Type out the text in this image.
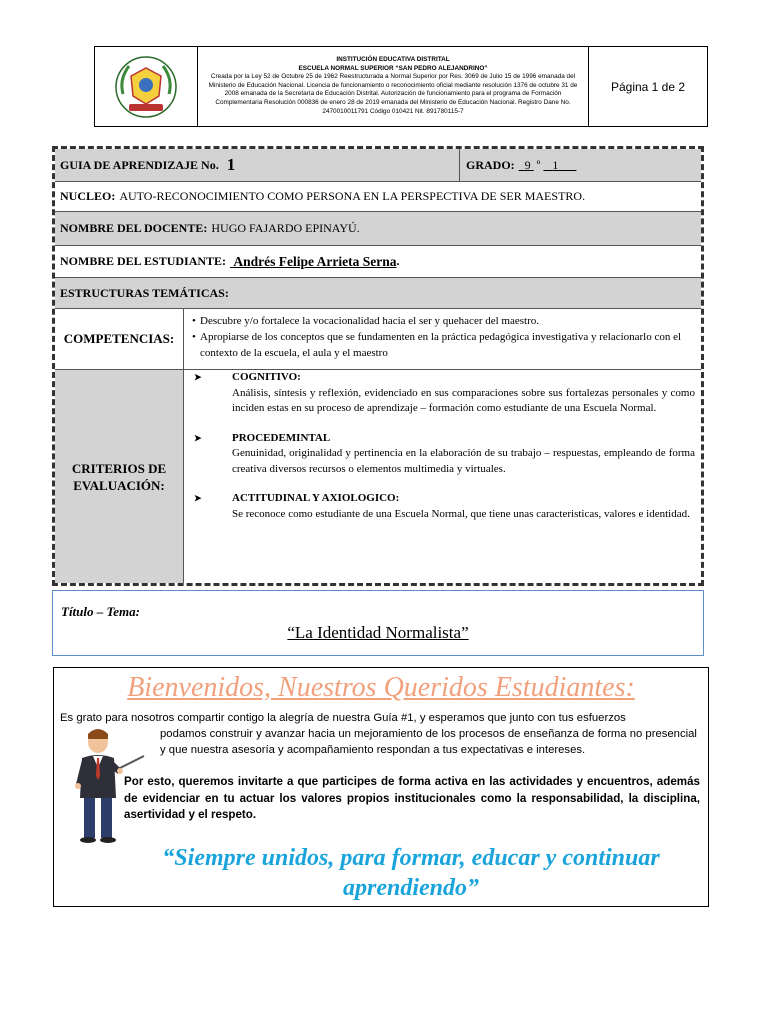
INSTITUCIÓN EDUCATIVA DISTRITAL
ESCUELA NORMAL SUPERIOR “SAN PEDRO ALEJANDRINO”
Creada por la Ley 52 de Octubre 25 de 1962 Reestructurada a Normal Superior por Res. 3069 de Julio 15 de 1996 emanada del Ministerio de Educación Nacional. Licencia de funcionamiento o reconocimiento oficial mediante resolución 1376 de octubre 31 de 2008 emanada de la Secretaría de Educación Distrital. Autorización de funcionamiento para el programa de Formación Complementaria Resolución 000836 de enero 28 de 2019 emanada del Ministerio de Educación Nacional. Registro Dane No. 2470010011791 Código 010421 Nit. 891780115-7
Página 1 de 2
GUIA DE APRENDIZAJE No. 1	GRADO: 9 º	1
NUCLEO: AUTO-RECONOCIMIENTO COMO PERSONA EN LA PERSPECTIVA DE SER MAESTRO.
NOMBRE DEL DOCENTE: HUGO FAJARDO EPINAYÚ.
NOMBRE DEL ESTUDIANTE: Andrés Felipe Arrieta Serna .
ESTRUCTURAS TEMÁTICAS:
COMPETENCIAS:
• Descubre y/o fortalece la vocacionalidad hacia el ser y quehacer del maestro.
• Apropiarse de los conceptos que se fundamenten en la práctica pedagógica investigativa y relacionarlo con el contexto de la escuela, el aula y el maestro
CRITERIOS DE EVALUACIÓN:
➤	COGNITIVO:
Análisis, síntesis y reflexión, evidenciado en sus comparaciones sobre sus fortalezas personales y como inciden estas en su proceso de aprendizaje – formación como estudiante de una Escuela Normal.
➤	PROCEDEMINTAL
Genuinidad, originalidad y pertinencia en la elaboración de su trabajo – respuestas, empleando de forma creativa diversos recursos o elementos multimedia y virtuales.
➤	ACTITUDINAL Y AXIOLOGICO:
Se reconoce como estudiante de una Escuela Normal, que tiene unas caracteristicas, valores e identidad.
Título – Tema:
“La Identidad Normalista”
Bienvenidos, Nuestros Queridos Estudiantes:
Es grato para nosotros compartir contigo la alegría de nuestra Guía #1, y esperamos que junto con tus esfuerzos
podamos construir y avanzar hacia un mejoramiento de los procesos de enseñanza de forma no presencial y que nuestra asesoría y acompañamiento respondan a tus expectativas e intereses.
Por esto, queremos invitarte a que participes de forma activa en las actividades y encuentros, además de evidenciar en tu actuar los valores propios institucionales como la responsabilidad, la disciplina, asertividad y el respeto.
“Siempre unidos, para formar, educar y continuar aprendiendo”
